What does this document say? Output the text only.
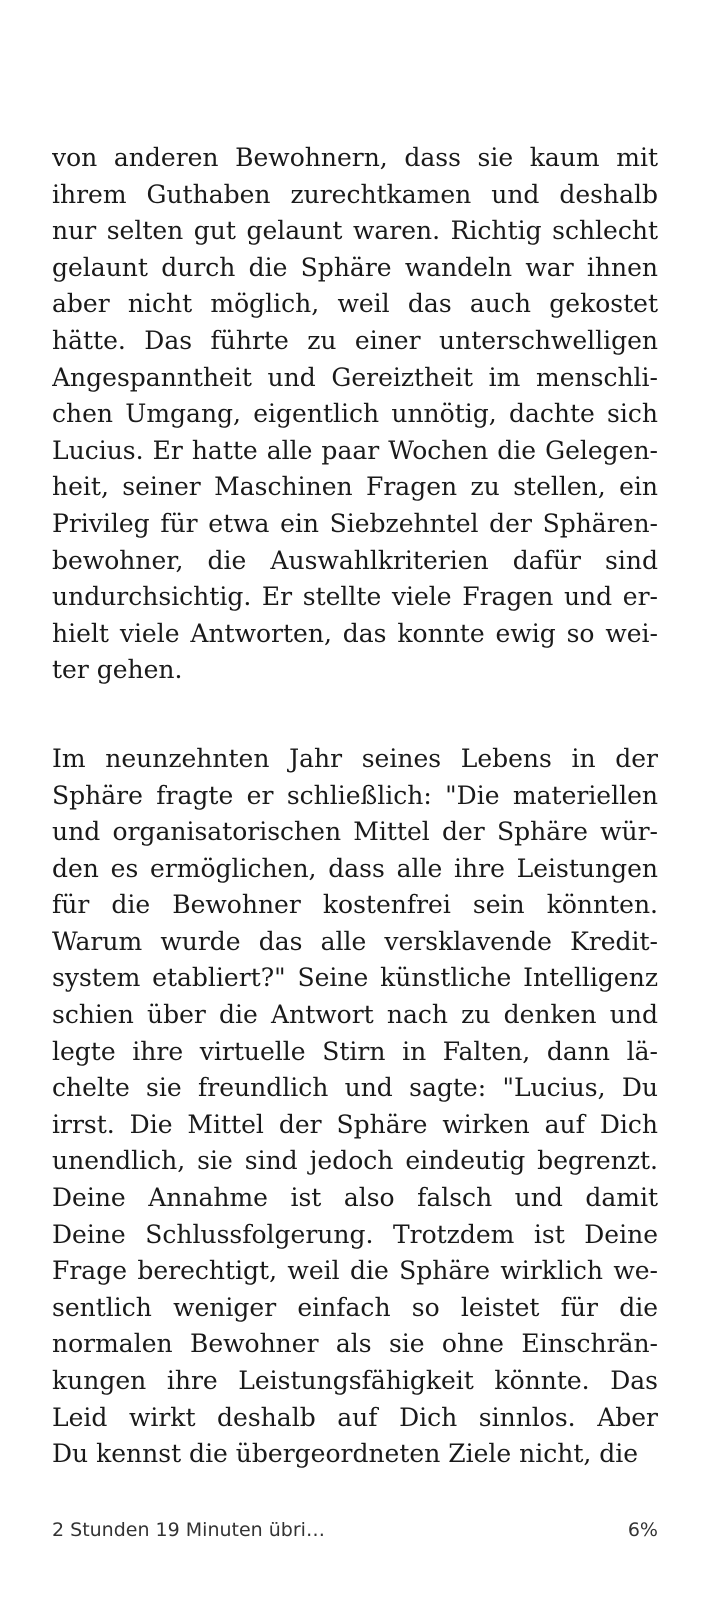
von anderen Bewohnern, dass sie kaum mit
ihrem Guthaben zurechtkamen und deshalb
nur selten gut gelaunt waren. Richtig schlecht
gelaunt durch die Sphäre wandeln war ihnen
aber nicht möglich, weil das auch gekostet
hätte. Das führte zu einer unterschwelligen
Angespanntheit und Gereiztheit im menschli-
chen Umgang, eigentlich unnötig, dachte sich
Lucius. Er hatte alle paar Wochen die Gelegen-
heit, seiner Maschinen Fragen zu stellen, ein
Privileg für etwa ein Siebzehntel der Sphären-
bewohner, die Auswahlkriterien dafür sind
undurchsichtig. Er stellte viele Fragen und er-
hielt viele Antworten, das konnte ewig so wei-
ter gehen.

Im neunzehnten Jahr seines Lebens in der
Sphäre fragte er schließlich: "Die materiellen
und organisatorischen Mittel der Sphäre wür-
den es ermöglichen, dass alle ihre Leistungen
für die Bewohner kostenfrei sein könnten.
Warum wurde das alle versklavende Kredit-
system etabliert?" Seine künstliche Intelligenz
schien über die Antwort nach zu denken und
legte ihre virtuelle Stirn in Falten, dann lä-
chelte sie freundlich und sagte: "Lucius, Du
irrst. Die Mittel der Sphäre wirken auf Dich
unendlich, sie sind jedoch eindeutig begrenzt.
Deine Annahme ist also falsch und damit
Deine Schlussfolgerung. Trotzdem ist Deine
Frage berechtigt, weil die Sphäre wirklich we-
sentlich weniger einfach so leistet für die
normalen Bewohner als sie ohne Einschrän-
kungen ihre Leistungsfähigkeit könnte. Das
Leid wirkt deshalb auf Dich sinnlos. Aber
Du kennst die übergeordneten Ziele nicht, die

2 Stunden 19 Minuten übri…	6%
